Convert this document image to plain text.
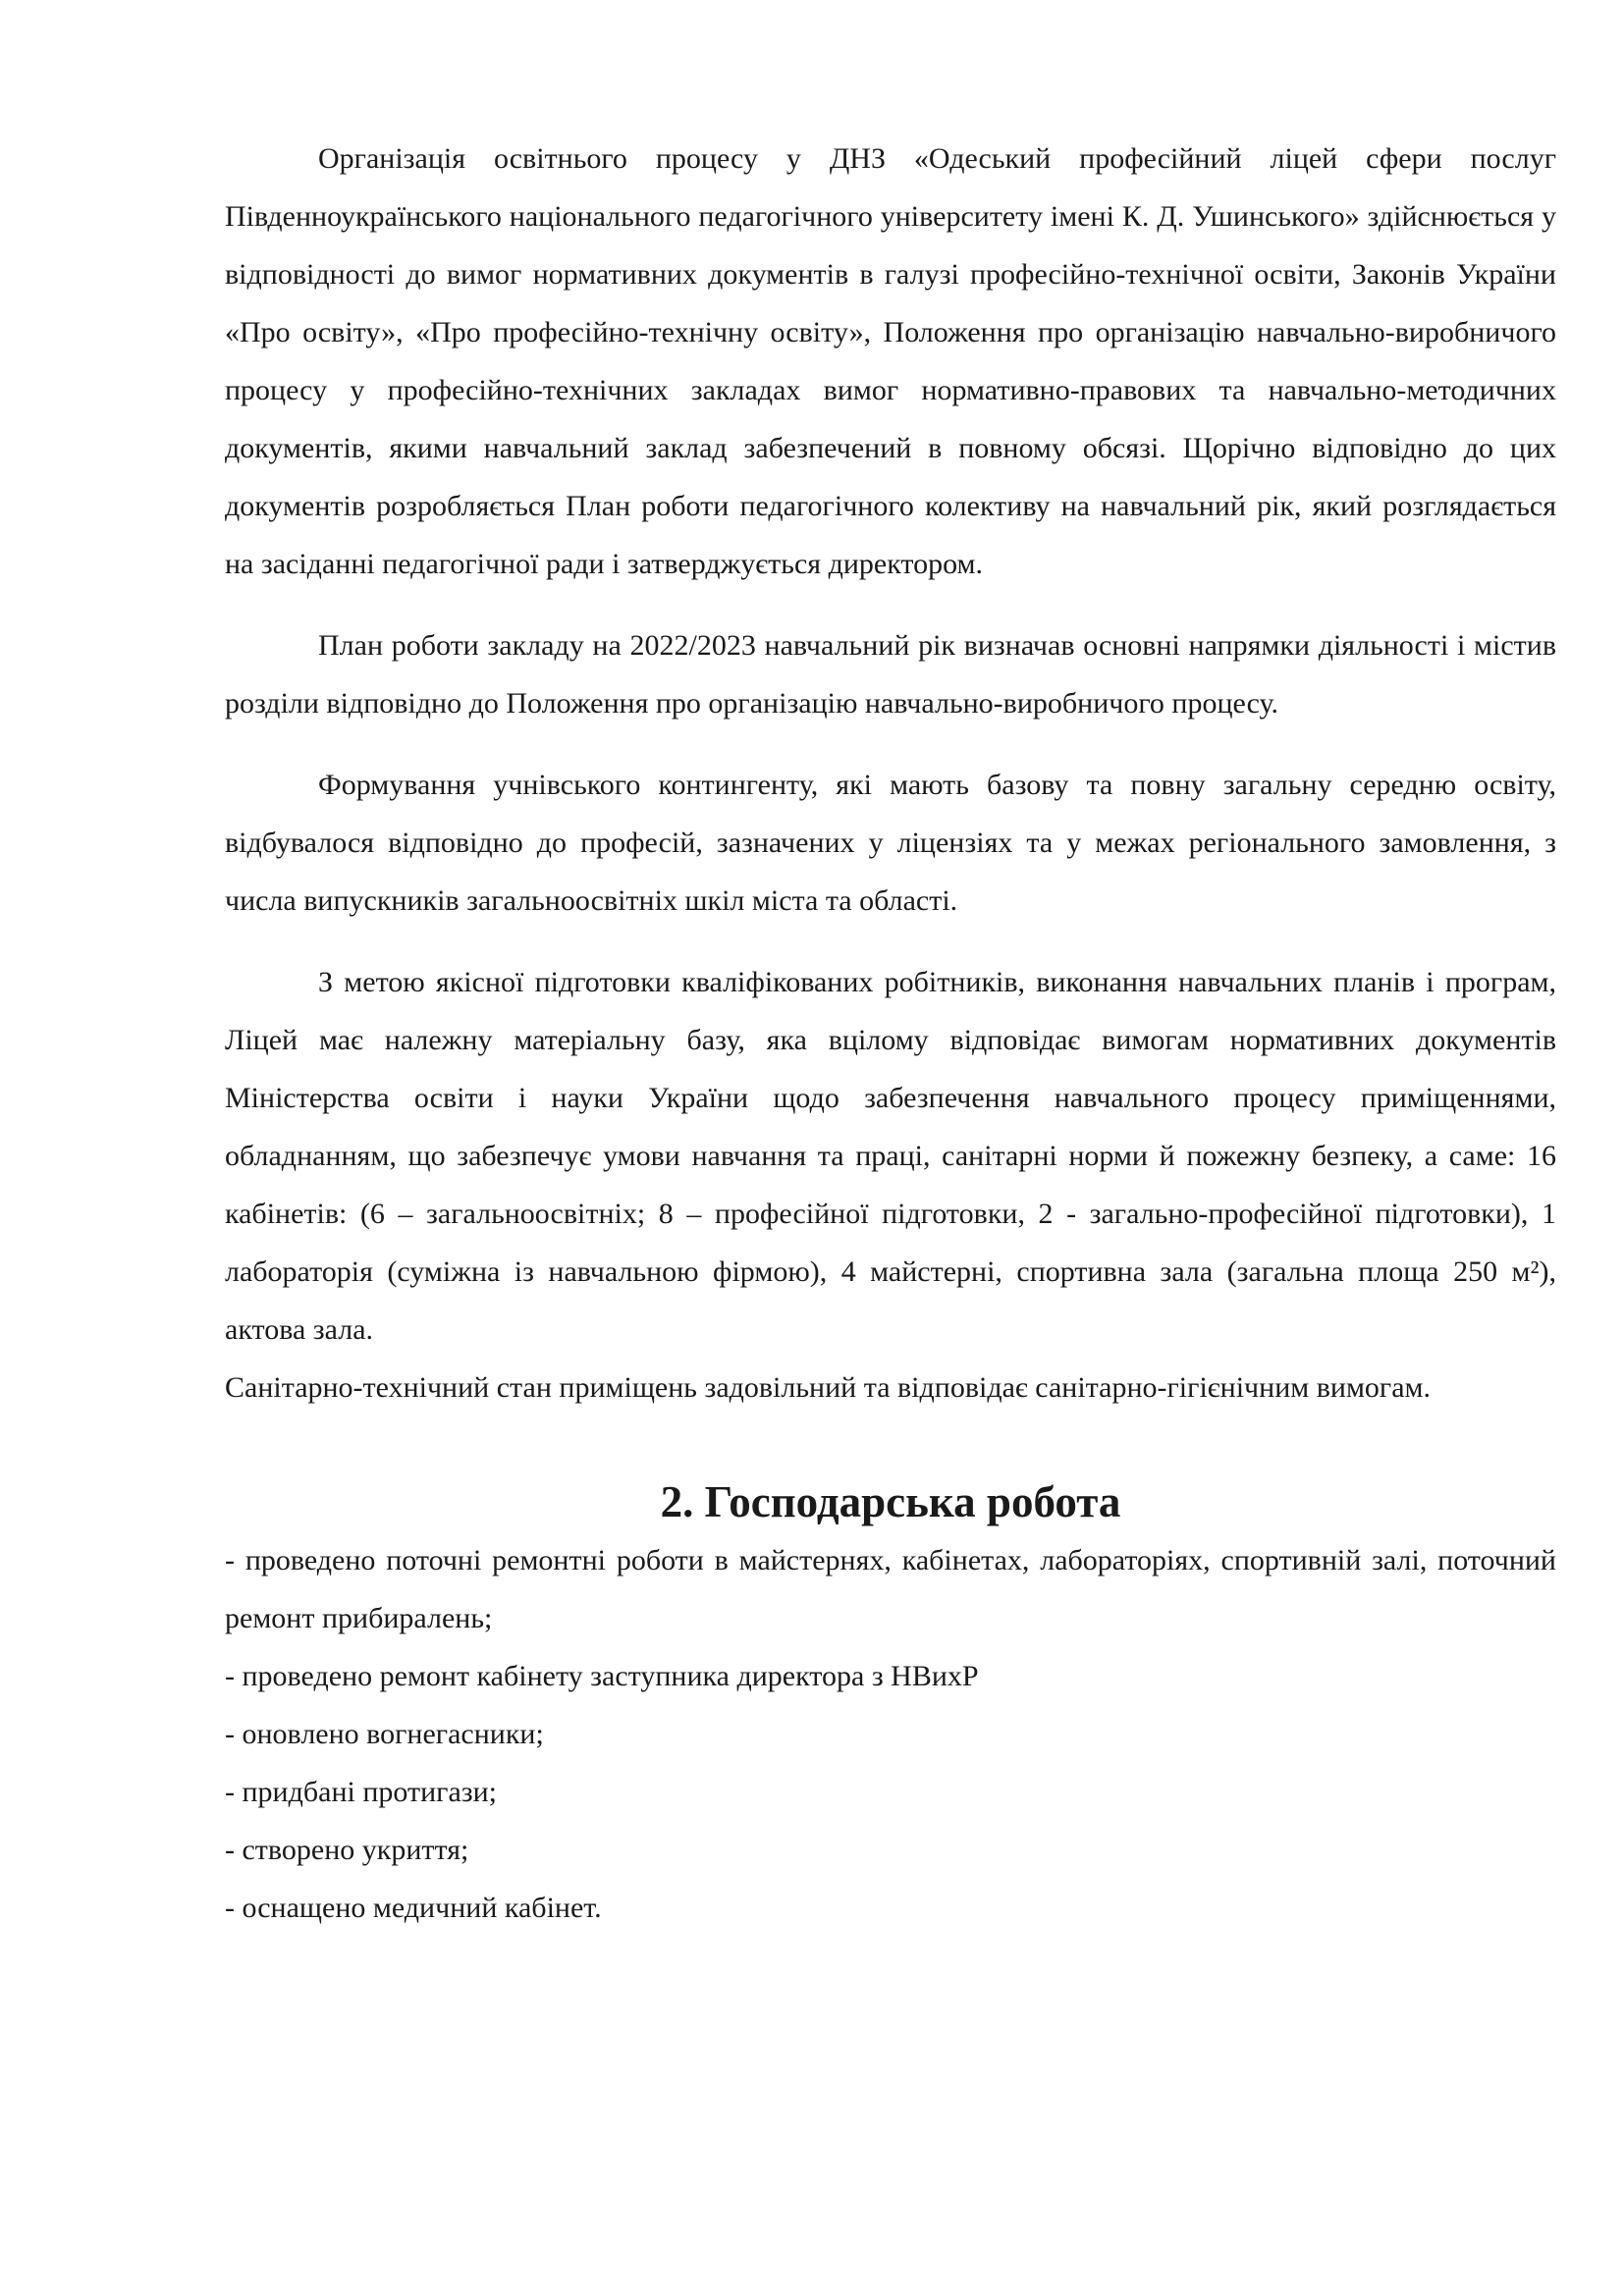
Організація освітнього процесу у ДНЗ «Одеський професійний ліцей сфери послуг Південноукраїнського національного педагогічного університету імені К. Д. Ушинського» здійснюється у відповідності до вимог нормативних документів в галузі професійно-технічної освіти, Законів України «Про освіту», «Про професійно-технічну освіту», Положення про організацію навчально-виробничого процесу у професійно-технічних закладах вимог нормативно-правових та навчально-методичних документів, якими навчальний заклад забезпечений в повному обсязі. Щорічно відповідно до цих документів розробляється План роботи педагогічного колективу на навчальний рік, який розглядається на засіданні педагогічної ради і затверджується директором.

План роботи закладу на 2022/2023 навчальний рік визначав основні напрямки діяльності і містив розділи відповідно до Положення про організацію навчально-виробничого процесу.

Формування учнівського контингенту, які мають базову та повну загальну середню освіту, відбувалося відповідно до професій, зазначених у ліцензіях та у межах регіонального замовлення, з числа випускників загальноосвітніх шкіл міста та області.

З метою якісної підготовки кваліфікованих робітників, виконання навчальних планів і програм, Ліцей має належну матеріальну базу, яка вцілому відповідає вимогам нормативних документів Міністерства освіти і науки України щодо забезпечення навчального процесу приміщеннями, обладнанням, що забезпечує умови навчання та праці, санітарні норми й пожежну безпеку, а саме: 16 кабінетів: (6 – загальноосвітніх; 8 – професійної підготовки, 2 - загально-професійної підготовки), 1 лабораторія (суміжна із навчальною фірмою), 4 майстерні, спортивна зала (загальна площа 250 м²), актова зала.

Санітарно-технічний стан приміщень задовільний та відповідає санітарно-гігієнічним вимогам.

2. Господарська робота
- проведено поточні ремонтні роботи в майстернях, кабінетах, лабораторіях, спортивній залі, поточний ремонт прибиралень;
- проведено ремонт кабінету заступника директора з НВихР
- оновлено вогнегасники;
- придбані протигази;
- створено укриття;
- оснащено медичний кабінет.
